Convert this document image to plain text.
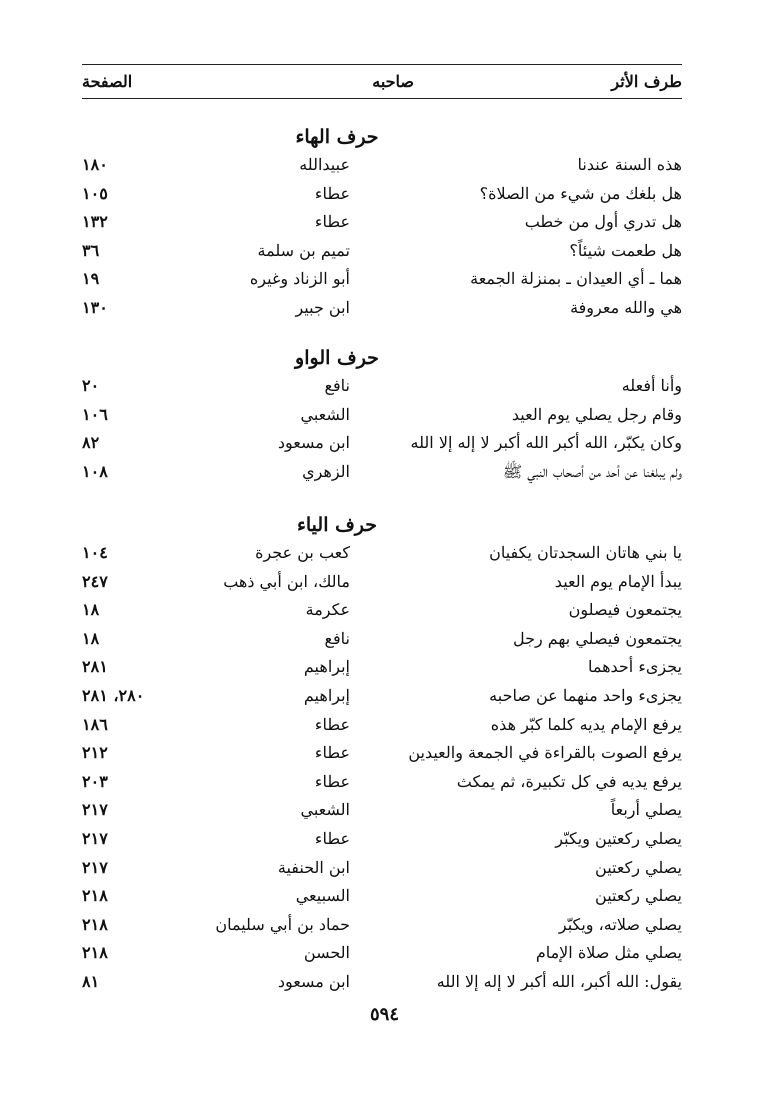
طرف الأثر
صاحبه
الصفحة
حرف الهاء
هذه السنة عندنا
عبيدالله
١٨٠
هل بلغك من شيء من الصلاة؟
عطاء
١٠٥
هل تدري أول من خطب
عطاء
١٣٢
هل طعمت شيئاً؟
تميم بن سلمة
٣٦
هما ـ أي العيدان ـ بمنزلة الجمعة
أبو الزناد وغيره
١٩
هي والله معروفة
ابن جبير
١٣٠
حرف الواو
وأنا أفعله
نافع
٢٠
وقام رجل يصلي يوم العيد
الشعبي
١٠٦
وكان يكبّر، الله أكبر الله أكبر لا إله إلا الله
ابن مسعود
٨٢
ولم يبلغنا عن أحد من أصحاب النبي ﷺ
الزهري
١٠٨
حرف الياء
يا بني هاتان السجدتان يكفيان
كعب بن عجرة
١٠٤
يبدأ الإمام يوم العيد
مالك، ابن أبي ذهب
٢٤٧
يجتمعون فيصلون
عكرمة
١٨
يجتمعون فيصلي بهم رجل
نافع
١٨
يجزىء أحدهما
إبراهيم
٢٨١
يجزىء واحد منهما عن صاحبه
إبراهيم
٢٨٠، ٢٨١
يرفع الإمام يديه كلما كبّر هذه
عطاء
١٨٦
يرفع الصوت بالقراءة في الجمعة والعيدين
عطاء
٢١٢
يرفع يديه في كل تكبيرة، ثم يمكث
عطاء
٢٠٣
يصلي أربعاً
الشعبي
٢١٧
يصلي ركعتين ويكبّر
عطاء
٢١٧
يصلي ركعتين
ابن الحنفية
٢١٧
يصلي ركعتين
السبيعي
٢١٨
يصلي صلاته، ويكبّر
حماد بن أبي سليمان
٢١٨
يصلي مثل صلاة الإمام
الحسن
٢١٨
يقول: الله أكبر، الله أكبر لا إله إلا الله
ابن مسعود
٨١
٥٩٤
